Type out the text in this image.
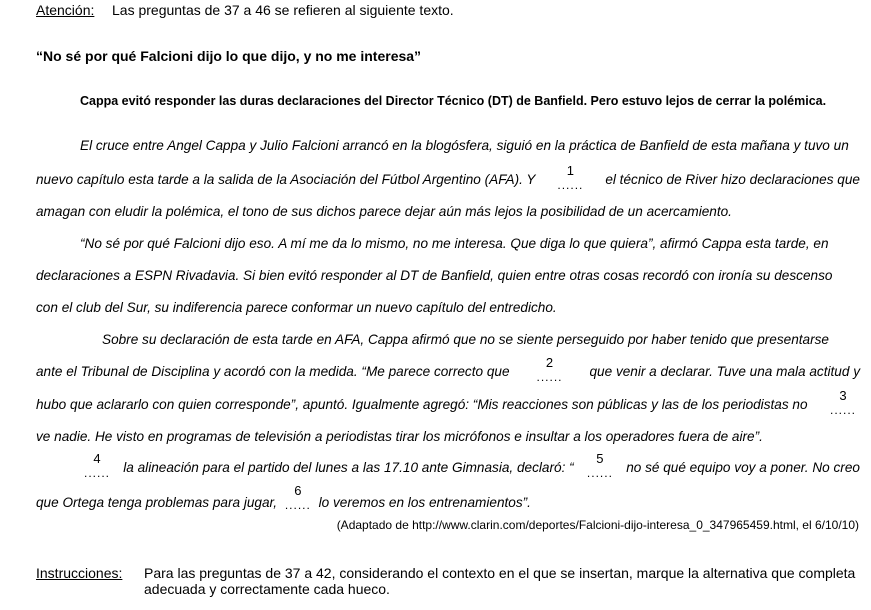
Atención: Las preguntas de 37 a 46 se refieren al siguiente texto.
“No sé por qué Falcioni dijo lo que dijo, y no me interesa”
Cappa evitó responder las duras declaraciones del Director Técnico (DT) de Banfield. Pero estuvo lejos de cerrar la polémica.
El cruce entre Angel Cappa y Julio Falcioni arrancó en la blogósfera, siguió en la práctica de Banfield de esta mañana y tuvo un
nuevo capítulo esta tarde a la salida de la Asociación del Fútbol Argentino (AFA). Y
1
...... el técnico de River hizo declaraciones que
amagan con eludir la polémica, el tono de sus dichos parece dejar aún más lejos la posibilidad de un acercamiento.
“No sé por qué Falcioni dijo eso. A mí me da lo mismo, no me interesa. Que diga lo que quiera”, afirmó Cappa esta tarde, en
declaraciones a ESPN Rivadavia. Si bien evitó responder al DT de Banfield, quien entre otras cosas recordó con ironía su descenso
con el club del Sur, su indiferencia parece conformar un nuevo capítulo del entredicho.
Sobre su declaración de esta tarde en AFA, Cappa afirmó que no se siente perseguido por haber tenido que presentarse
ante el Tribunal de Disciplina y acordó con la medida. “Me parece correcto que
2
...... que venir a declarar. Tuve una mala actitud y
hubo que aclararlo con quien corresponde”, apuntó. Igualmente agregó: “Mis reacciones son públicas y las de los periodistas no
3
......
ve nadie. He visto en programas de televisión a periodistas tirar los micrófonos e insultar a los operadores fuera de aire”.
4
...... la alineación para el partido del lunes a las 17.10 ante Gimnasia, declaró: “
5
...... no sé qué equipo voy a poner. No creo
que Ortega tenga problemas para jugar,
6
...... lo veremos en los entrenamientos”.
(Adaptado de http://www.clarin.com/deportes/Falcioni-dijo-interesa_0_347965459.html, el 6/10/10)
Instrucciones: Para las preguntas de 37 a 42, considerando el contexto en el que se insertan, marque la alternativa que completa
adecuada y correctamente cada hueco.
